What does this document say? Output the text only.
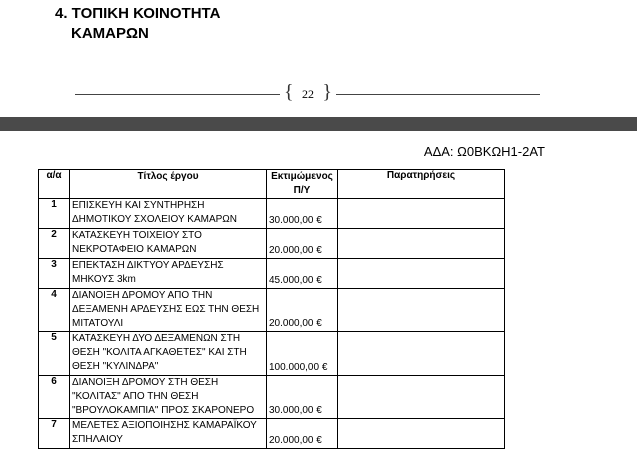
4. ΤΟΠΙΚΗ ΚΟΙΝΟΤΗΤΑ
ΚΑΜΑΡΩΝ
{ 22 }
ΑΔΑ: Ω0ΒΚΩΗ1-2ΑΤ
α/α	Τίτλος έργου	Εκτιμώμενος Π/Υ	Παρατηρήσεις
1	ΕΠΙΣΚΕΥΗ ΚΑΙ ΣΥΝΤΗΡΗΣΗ ΔΗΜΟΤΙΚΟΥ ΣΧΟΛΕΙΟΥ ΚΑΜΑΡΩΝ	30.000,00 €	
2	ΚΑΤΑΣΚΕΥΗ ΤΟΙΧΕΙΟΥ ΣΤΟ ΝΕΚΡΟΤΑΦΕΙΟ ΚΑΜΑΡΩΝ	20.000,00 €	
3	ΕΠΕΚΤΑΣΗ ΔΙΚΤΥΟΥ ΑΡΔΕΥΣΗΣ ΜΗΚΟΥΣ 3km	45.000,00 €	
4	ΔΙΑΝΟΙΞΗ ΔΡΟΜΟΥ ΑΠΟ ΤΗΝ ΔΕΞΑΜΕΝΗ ΑΡΔΕΥΣΗΣ ΕΩΣ ΤΗΝ ΘΕΣΗ ΜΙΤΑΤΟΥΛΙ	20.000,00 €	
5	ΚΑΤΑΣΚΕΥΗ ΔΥΟ ΔΕΞΑΜΕΝΩΝ ΣΤΗ ΘΕΣΗ "ΚΟΛΙΤΑ ΑΓΚΑΘΕΤΕΣ" ΚΑΙ ΣΤΗ ΘΕΣΗ "ΚΥΛΙΝΔΡΑ"	100.000,00 €	
6	ΔΙΑΝΟΙΞΗ ΔΡΟΜΟΥ ΣΤΗ ΘΕΣΗ "ΚΟΛΙΤΑΣ" ΑΠΟ ΤΗΝ ΘΕΣΗ "ΒΡΟΥΛΟΚΑΜΠΙΑ" ΠΡΟΣ ΣΚΑΡΟΝΕΡΟ	30.000,00 €	
7	ΜΕΛΕΤΕΣ ΑΞΙΟΠΟΙΗΣΗΣ ΚΑΜΑΡΑΪΚΟΥ ΣΠΗΛΑΙΟΥ	20.000,00 €	
